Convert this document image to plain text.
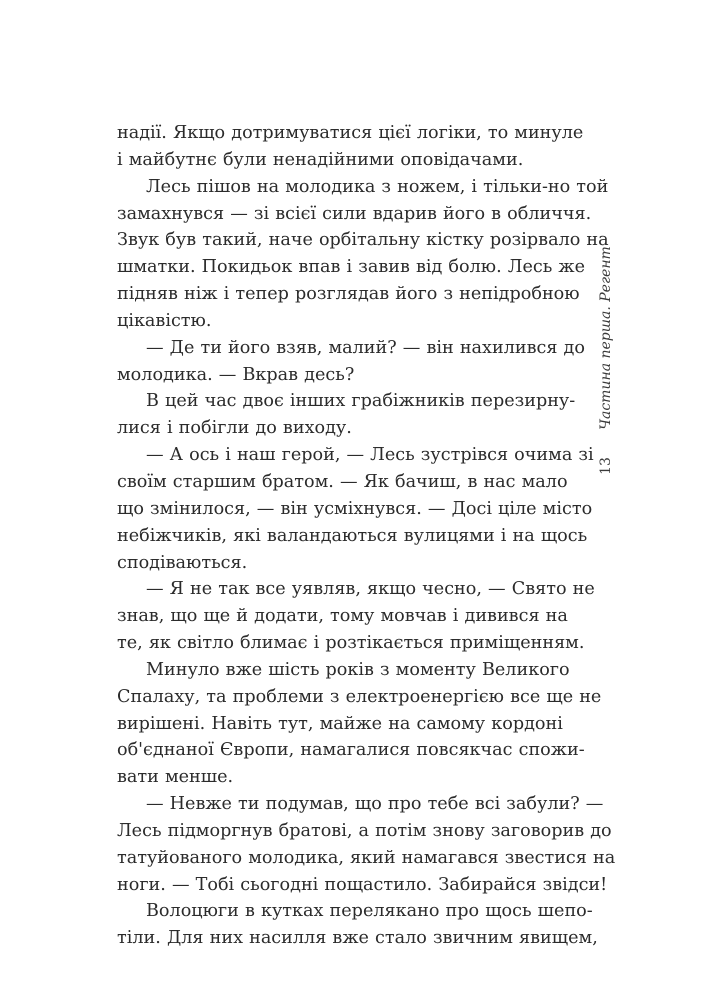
надії. Якщо дотримуватися цієї логіки, то минуле
і майбутнє були ненадійними оповідачами.
Лесь пішов на молодика з ножем, і тільки-но той
замахнувся — зі всієї сили вдарив його в обличчя.
Звук був такий, наче орбітальну кістку розірвало на
шматки. Покидьок впав і завив від болю. Лесь же
підняв ніж і тепер розглядав його з непідробною
цікавістю.
— Де ти його взяв, малий? — він нахилився до
молодика. — Вкрав десь?
В цей час двоє інших грабіжників перезирну-
лися і побігли до виходу.
— А ось і наш герой, — Лесь зустрівся очима зі
своїм старшим братом. — Як бачиш, в нас мало
що змінилося, — він усміхнувся. — Досі ціле місто
небіжчиків, які валандаються вулицями і на щось
сподіваються.
— Я не так все уявляв, якщо чесно, — Свято не
знав, що ще й додати, тому мовчав і дивився на
те, як світло блимає і розтікається приміщенням.
Минуло вже шість років з моменту Великого
Спалаху, та проблеми з електроенергією все ще не
вирішені. Навіть тут, майже на самому кордоні
об'єднаної Європи, намагалися повсякчас спожи-
вати менше.
— Невже ти подумав, що про тебе всі забули? —
Лесь підморгнув братові, а потім знову заговорив до
татуйованого молодика, який намагався звестися на
ноги. — Тобі сьогодні пощастило. Забирайся звідси!
Волоцюги в кутках перелякано про щось шепо-
тіли. Для них насилля вже стало звичним явищем,
Частина перша. Регент
13
